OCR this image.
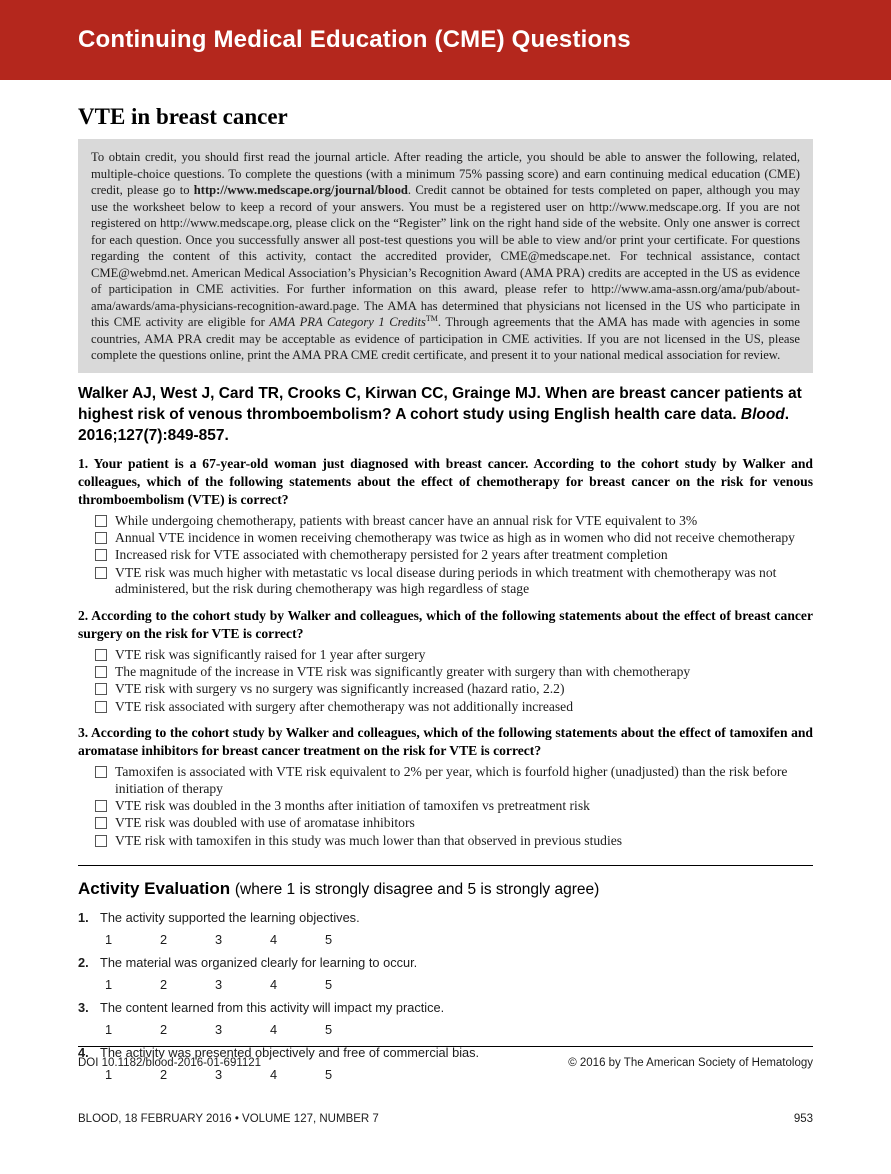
Continuing Medical Education (CME) Questions
VTE in breast cancer

To obtain credit, you should first read the journal article. After reading the article, you should be able to answer the following, related, multiple-choice questions. To complete the questions (with a minimum 75% passing score) and earn continuing medical education (CME) credit, please go to http://www.medscape.org/journal/blood. Credit cannot be obtained for tests completed on paper, although you may use the worksheet below to keep a record of your answers. You must be a registered user on http://www.medscape.org. If you are not registered on http://www.medscape.org, please click on the “Register” link on the right hand side of the website. Only one answer is correct for each question. Once you successfully answer all post-test questions you will be able to view and/or print your certificate. For questions regarding the content of this activity, contact the accredited provider, CME@medscape.net. For technical assistance, contact CME@webmd.net. American Medical Association’s Physician’s Recognition Award (AMA PRA) credits are accepted in the US as evidence of participation in CME activities. For further information on this award, please refer to http://www.ama-assn.org/ama/pub/about-ama/awards/ama-physicians-recognition-award.page. The AMA has determined that physicians not licensed in the US who participate in this CME activity are eligible for AMA PRA Category 1 Credits™. Through agreements that the AMA has made with agencies in some countries, AMA PRA credit may be acceptable as evidence of participation in CME activities. If you are not licensed in the US, please complete the questions online, print the AMA PRA CME credit certificate, and present it to your national medical association for review.

Walker AJ, West J, Card TR, Crooks C, Kirwan CC, Grainge MJ. When are breast cancer patients at highest risk of venous thromboembolism? A cohort study using English health care data. Blood. 2016;127(7):849-857.

1. Your patient is a 67-year-old woman just diagnosed with breast cancer. According to the cohort study by Walker and colleagues, which of the following statements about the effect of chemotherapy for breast cancer on the risk for venous thromboembolism (VTE) is correct?

While undergoing chemotherapy, patients with breast cancer have an annual risk for VTE equivalent to 3%
Annual VTE incidence in women receiving chemotherapy was twice as high as in women who did not receive chemotherapy
Increased risk for VTE associated with chemotherapy persisted for 2 years after treatment completion
VTE risk was much higher with metastatic vs local disease during periods in which treatment with chemotherapy was not administered, but the risk during chemotherapy was high regardless of stage

2. According to the cohort study by Walker and colleagues, which of the following statements about the effect of breast cancer surgery on the risk for VTE is correct?

VTE risk was significantly raised for 1 year after surgery
The magnitude of the increase in VTE risk was significantly greater with surgery than with chemotherapy
VTE risk with surgery vs no surgery was significantly increased (hazard ratio, 2.2)
VTE risk associated with surgery after chemotherapy was not additionally increased

3. According to the cohort study by Walker and colleagues, which of the following statements about the effect of tamoxifen and aromatase inhibitors for breast cancer treatment on the risk for VTE is correct?

Tamoxifen is associated with VTE risk equivalent to 2% per year, which is fourfold higher (unadjusted) than the risk before initiation of therapy
VTE risk was doubled in the 3 months after initiation of tamoxifen vs pretreatment risk
VTE risk was doubled with use of aromatase inhibitors
VTE risk with tamoxifen in this study was much lower than that observed in previous studies
Activity Evaluation (where 1 is strongly disagree and 5 is strongly agree)
1. The activity supported the learning objectives.
1	2	3	4	5
2. The material was organized clearly for learning to occur.
1	2	3	4	5
3. The content learned from this activity will impact my practice.
1	2	3	4	5
4. The activity was presented objectively and free of commercial bias.
1	2	3	4	5
DOI 10.1182/blood-2016-01-691121	© 2016 by The American Society of Hematology
BLOOD, 18 FEBRUARY 2016 • VOLUME 127, NUMBER 7	953
